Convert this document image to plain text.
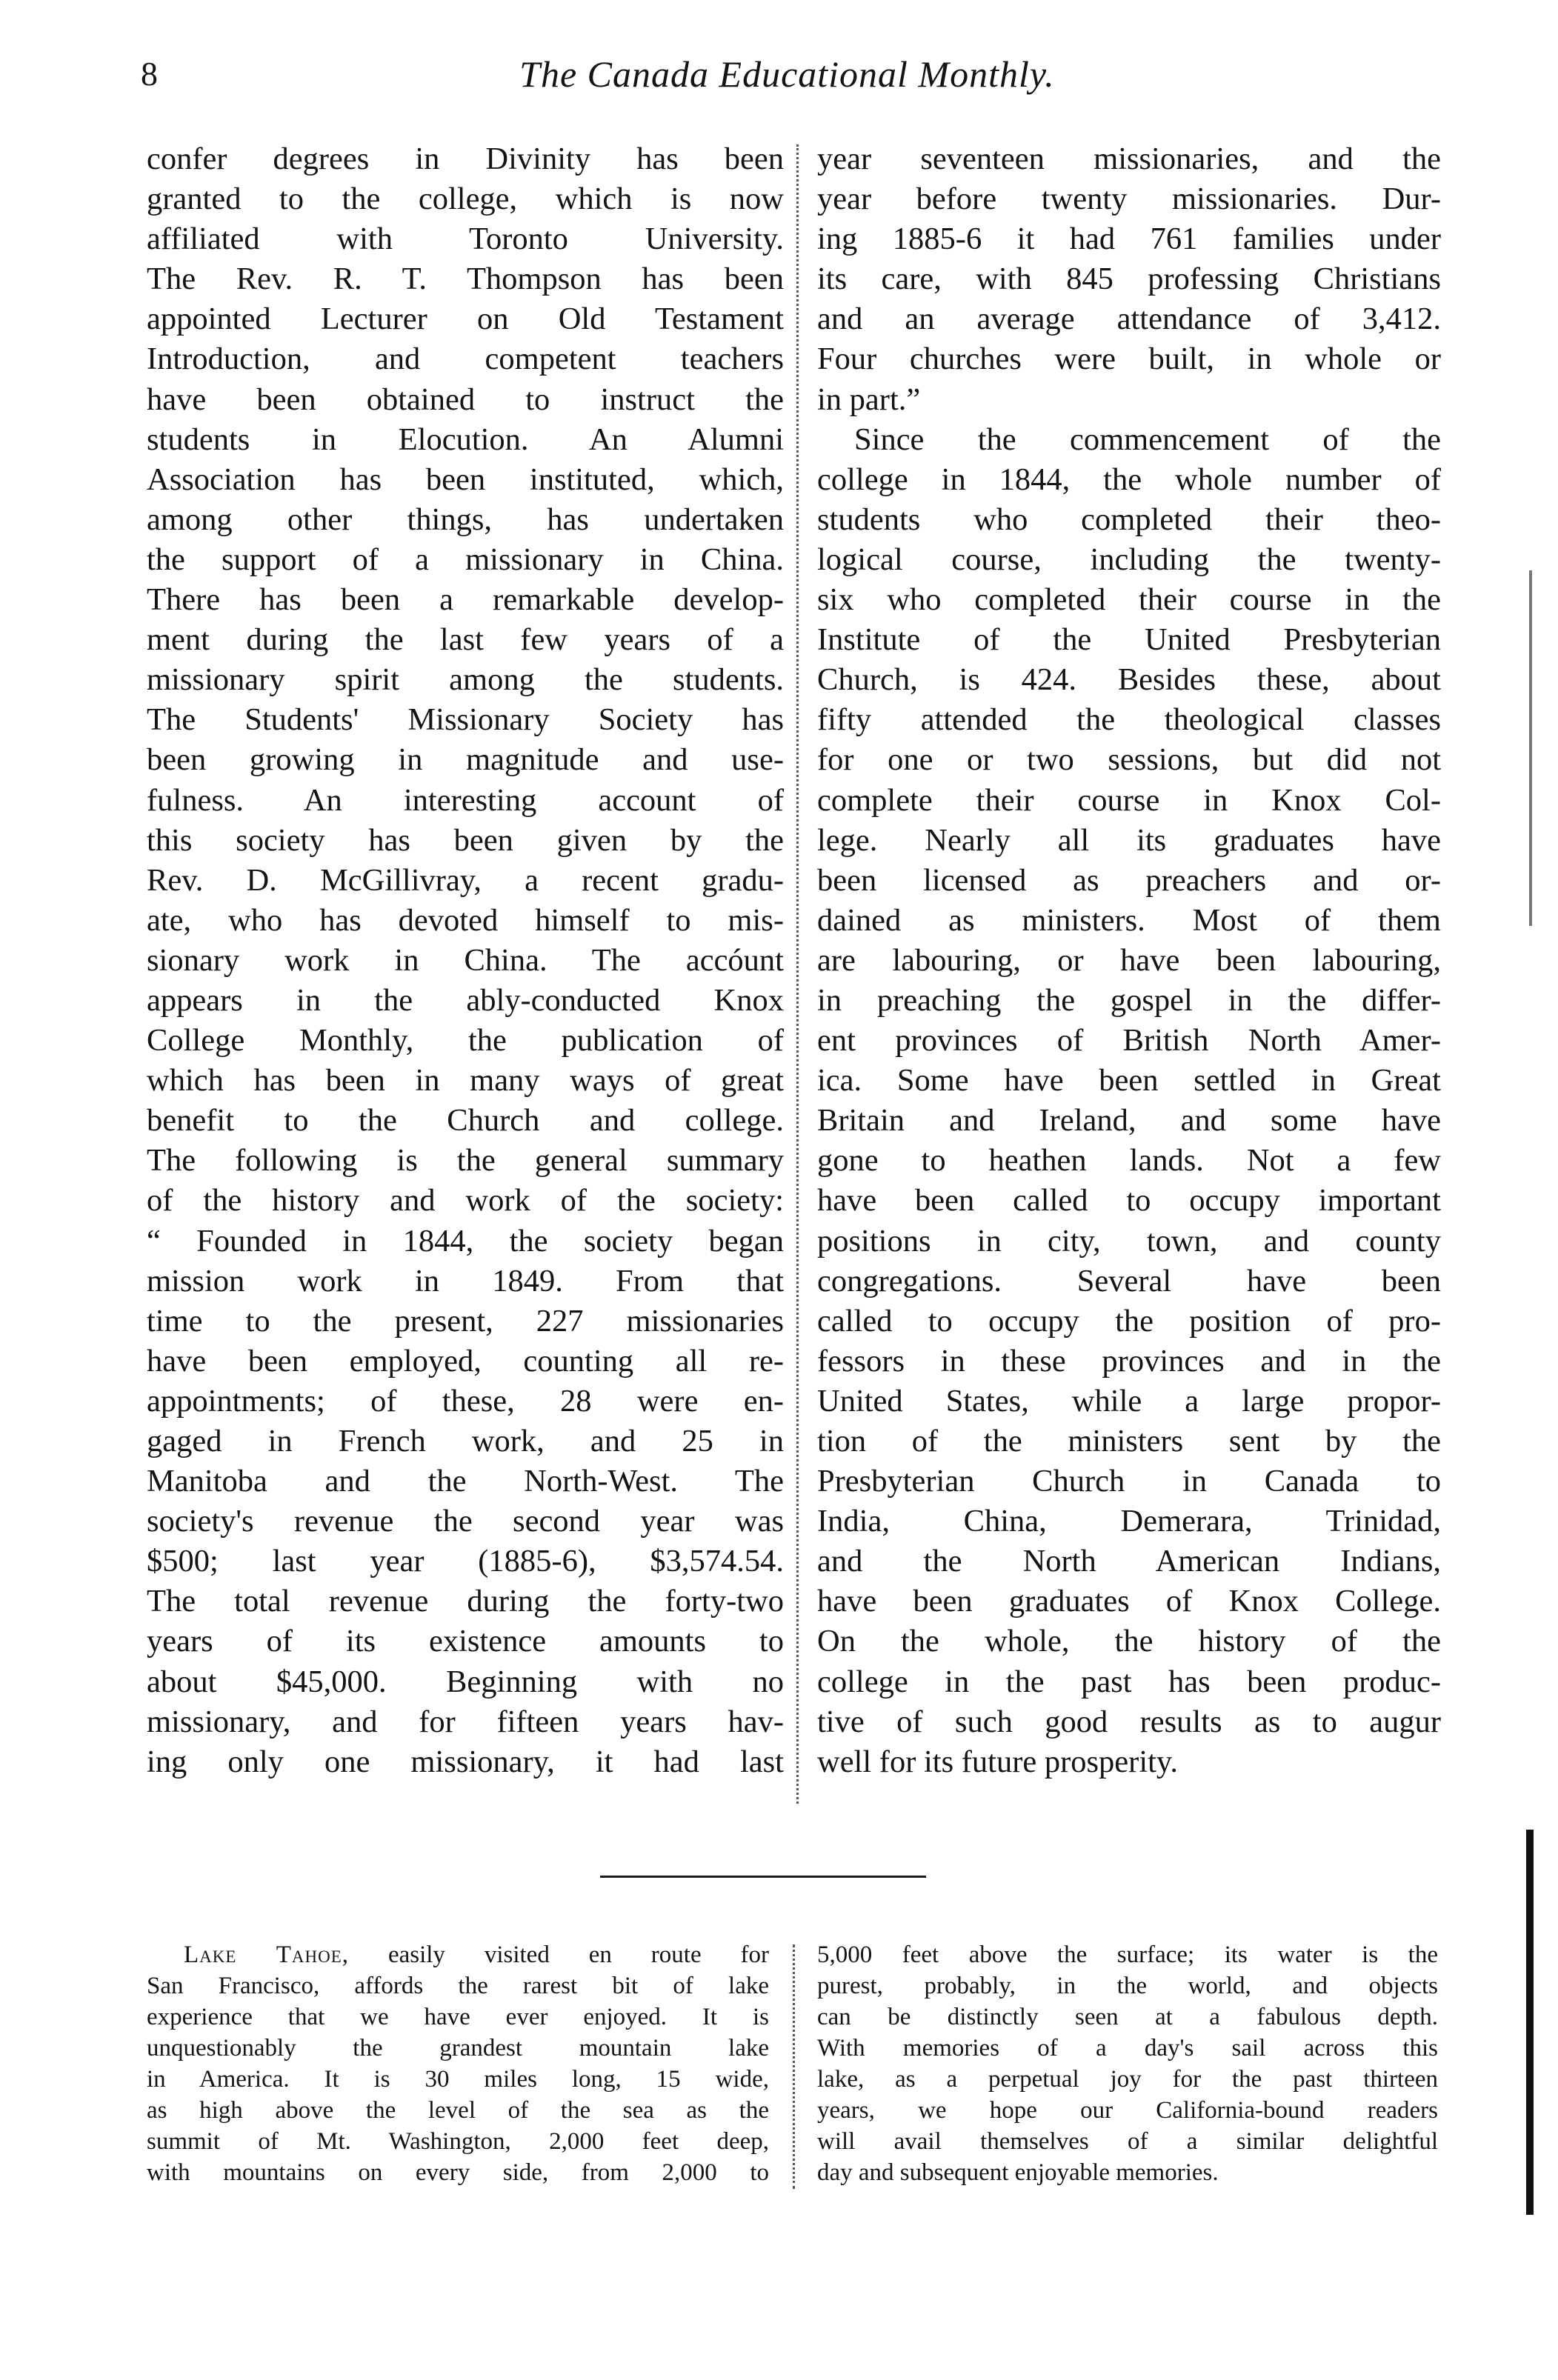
8	The Canada Educational Monthly.

confer degrees in Divinity has been

granted to the college, which is now

affiliated with Toronto University.

The Rev. R. T. Thompson has been

appointed Lecturer on Old Testament

Introduction, and competent teachers

have been obtained to instruct the

students in Elocution. An Alumni

Association has been instituted, which,

among other things, has undertaken

the support of a missionary in China.

There has been a remarkable develop-

ment during the last few years of a

missionary spirit among the students.

The Students' Missionary Society has

been growing in magnitude and use-

fulness. An interesting account of

this society has been given by the

Rev. D. McGillivray, a recent gradu-

ate, who has devoted himself to mis-

sionary work in China. The accóunt

appears in the ably-conducted Knox

College Monthly, the publication of

which has been in many ways of great

benefit to the Church and college.

The following is the general summary

of the history and work of the society:

“ Founded in 1844, the society began

mission work in 1849. From that

time to the present, 227 missionaries

have been employed, counting all re-

appointments; of these, 28 were en-

gaged in French work, and 25 in

Manitoba and the North-West. The

society's revenue the second year was

$500; last year (1885-6), $3,574.54.

The total revenue during the forty-two

years of its existence amounts to

about $45,000. Beginning with no

missionary, and for fifteen years hav-

ing only one missionary, it had last

year seventeen missionaries, and the

year before twenty missionaries. Dur-

ing 1885-6 it had 761 families under

its care, with 845 professing Christians

and an average attendance of 3,412.

Four churches were built, in whole or

in part.”

Since the commencement of the

college in 1844, the whole number of

students who completed their theo-

logical course, including the twenty-

six who completed their course in the

Institute of the United Presbyterian

Church, is 424. Besides these, about

fifty attended the theological classes

for one or two sessions, but did not

complete their course in Knox Col-

lege. Nearly all its graduates have

been licensed as preachers and or-

dained as ministers. Most of them

are labouring, or have been labouring,

in preaching the gospel in the differ-

ent provinces of British North Amer-

ica. Some have been settled in Great

Britain and Ireland, and some have

gone to heathen lands. Not a few

have been called to occupy important

positions in city, town, and county

congregations. Several have been

called to occupy the position of pro-

fessors in these provinces and in the

United States, while a large propor-

tion of the ministers sent by the

Presbyterian Church in Canada to

India, China, Demerara, Trinidad,

and the North American Indians,

have been graduates of Knox College.

On the whole, the history of the

college in the past has been produc-

tive of such good results as to augur

well for its future prosperity.

Lake Tahoe, easily visited en route for

San Francisco, affords the rarest bit of lake

experience that we have ever enjoyed. It is

unquestionably the grandest mountain lake

in America. It is 30 miles long, 15 wide,

as high above the level of the sea as the

summit of Mt. Washington, 2,000 feet deep,

with mountains on every side, from 2,000 to

5,000 feet above the surface; its water is the

purest, probably, in the world, and objects

can be distinctly seen at a fabulous depth.

With memories of a day's sail across this

lake, as a perpetual joy for the past thirteen

years, we hope our California-bound readers

will avail themselves of a similar delightful

day and subsequent enjoyable memories.
